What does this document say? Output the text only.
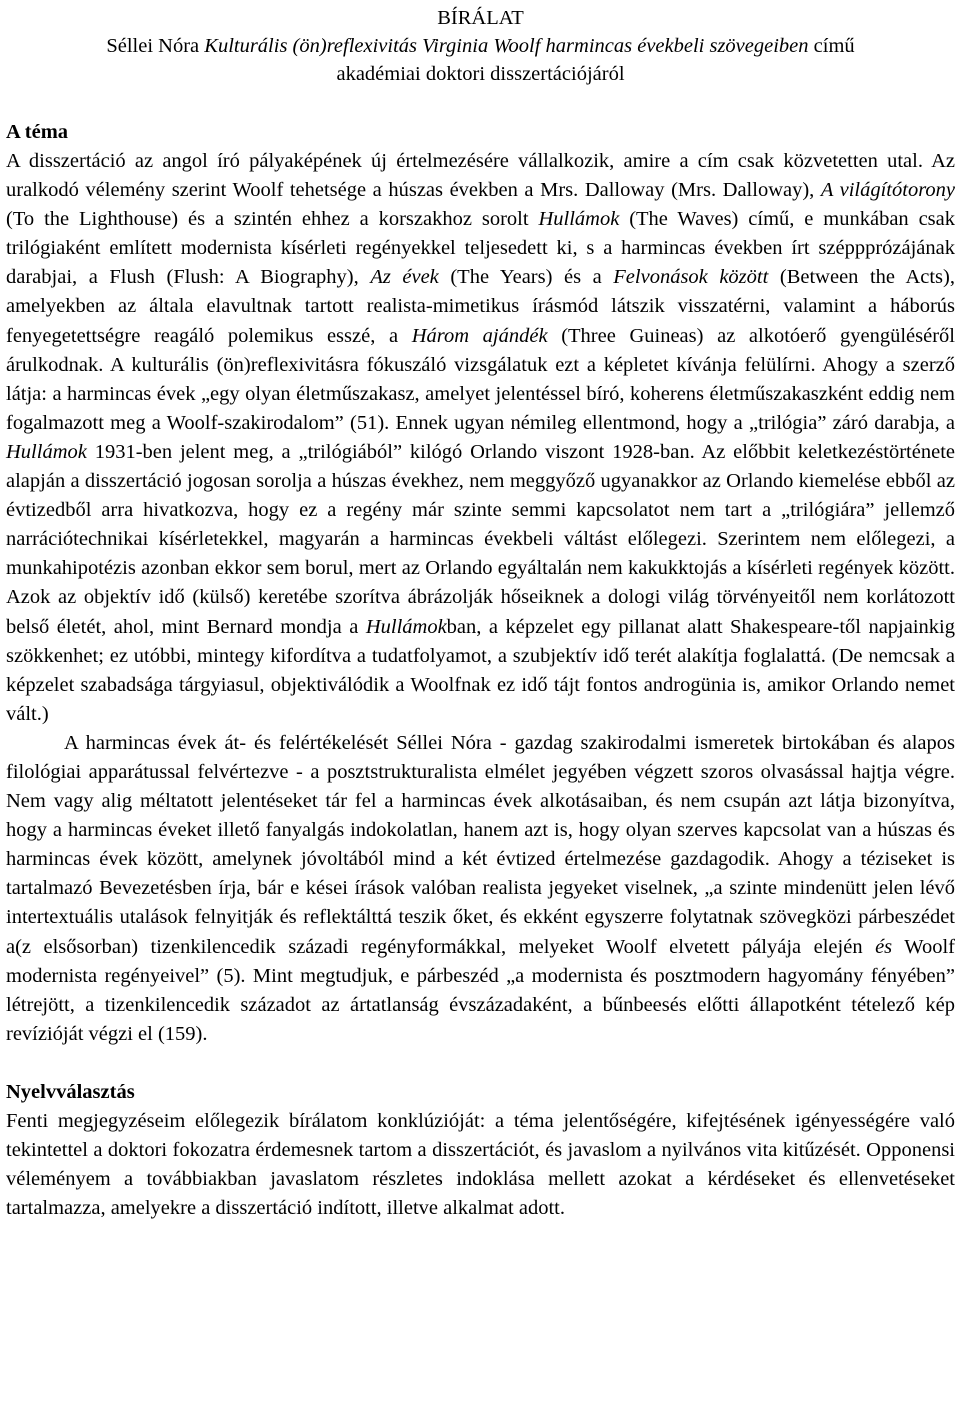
BÍRÁLAT

Séllei Nóra Kulturális (ön)reflexivitás Virginia Woolf harmincas évekbeli szövegeiben című

akadémiai doktori disszertációjáról

A téma

A disszertáció az angol író pályaképének új értelmezésére vállalkozik, amire a cím csak közvetetten utal. Az uralkodó vélemény szerint Woolf tehetsége a húszas években a Mrs. Dalloway (Mrs. Dalloway), A világítótorony (To the Lighthouse) és a szintén ehhez a korszakhoz sorolt Hullámok (The Waves) című, e munkában csak trilógiaként említett modernista kísérleti regényekkel teljesedett ki, s a harmincas években írt széppprózájának darabjai, a Flush (Flush: A Biography), Az évek (The Years) és a Felvonások között (Between the Acts), amelyekben az általa elavultnak tartott realista-mimetikus írásmód látszik visszatérni, valamint a háborús fenyegetettségre reagáló polemikus esszé, a Három ajándék (Three Guineas) az alkotóerő gyengüléséről árulkodnak. A kulturális (ön)reflexivitásra fókuszáló vizsgálatuk ezt a képletet kívánja felülírni. Ahogy a szerző látja: a harmincas évek „egy olyan életműszakasz, amelyet jelentéssel bíró, koherens életműszakaszként eddig nem fogalmazott meg a Woolf-szakirodalom” (51). Ennek ugyan némileg ellentmond, hogy a „trilógia” záró darabja, a Hullámok 1931-ben jelent meg, a „trilógiából” kilógó Orlando viszont 1928-ban. Az előbbit keletkezéstörténete alapján a disszertáció jogosan sorolja a húszas évekhez, nem meggyőző ugyanakkor az Orlando kiemelése ebből az évtizedből arra hivatkozva, hogy ez a regény már szinte semmi kapcsolatot nem tart a „trilógiára” jellemző narrációtechnikai kísérletekkel, magyarán a harmincas évekbeli váltást előlegezi. Szerintem nem előlegezi, a munkahipotézis azonban ekkor sem borul, mert az Orlando egyáltalán nem kakukktojás a kísérleti regények között. Azok az objektív idő (külső) keretébe szorítva ábrázolják hőseiknek a dologi világ törvényeitől nem korlátozott belső életét, ahol, mint Bernard mondja a Hullámokban, a képzelet egy pillanat alatt Shakespeare-től napjainkig szökkenhet; ez utóbbi, mintegy kifordítva a tudatfolyamot, a szubjektív idő terét alakítja foglalattá. (De nemcsak a képzelet szabadsága tárgyiasul, objektiválódik a Woolfnak ez idő tájt fontos androgünia is, amikor Orlando nemet vált.)

A harmincas évek át- és felértékelését Séllei Nóra - gazdag szakirodalmi ismeretek birtokában és alapos filológiai apparátussal felvértezve - a posztstrukturalista elmélet jegyében végzett szoros olvasással hajtja végre. Nem vagy alig méltatott jelentéseket tár fel a harmincas évek alkotásaiban, és nem csupán azt látja bizonyítva, hogy a harmincas éveket illető fanyalgás indokolatlan, hanem azt is, hogy olyan szerves kapcsolat van a húszas és harmincas évek között, amelynek jóvoltából mind a két évtized értelmezése gazdagodik. Ahogy a téziseket is tartalmazó Bevezetésben írja, bár e kései írások valóban realista jegyeket viselnek, „a szinte mindenütt jelen lévő intertextuális utalások felnyitják és reflektálttá teszik őket, és ekként egyszerre folytatnak szövegközi párbeszédet a(z elsősorban) tizenkilencedik századi regényformákkal, melyeket Woolf elvetett pályája elején és Woolf modernista regényeivel” (5). Mint megtudjuk, e párbeszéd „a modernista és posztmodern hagyomány fényében” létrejött, a tizenkilencedik századot az ártatlanság évszázadaként, a bűnbeesés előtti állapotként tételező kép revízióját végzi el (159).

Nyelvválasztás

Fenti megjegyzéseim előlegezik bírálatom konklúzióját: a téma jelentőségére, kifejtésének igényességére való tekintettel a doktori fokozatra érdemesnek tartom a disszertációt, és javaslom a nyilvános vita kitűzését. Opponensi véleményem a továbbiakban javaslatom részletes indoklása mellett azokat a kérdéseket és ellenvetéseket tartalmazza, amelyekre a disszertáció indított, illetve alkalmat adott.
